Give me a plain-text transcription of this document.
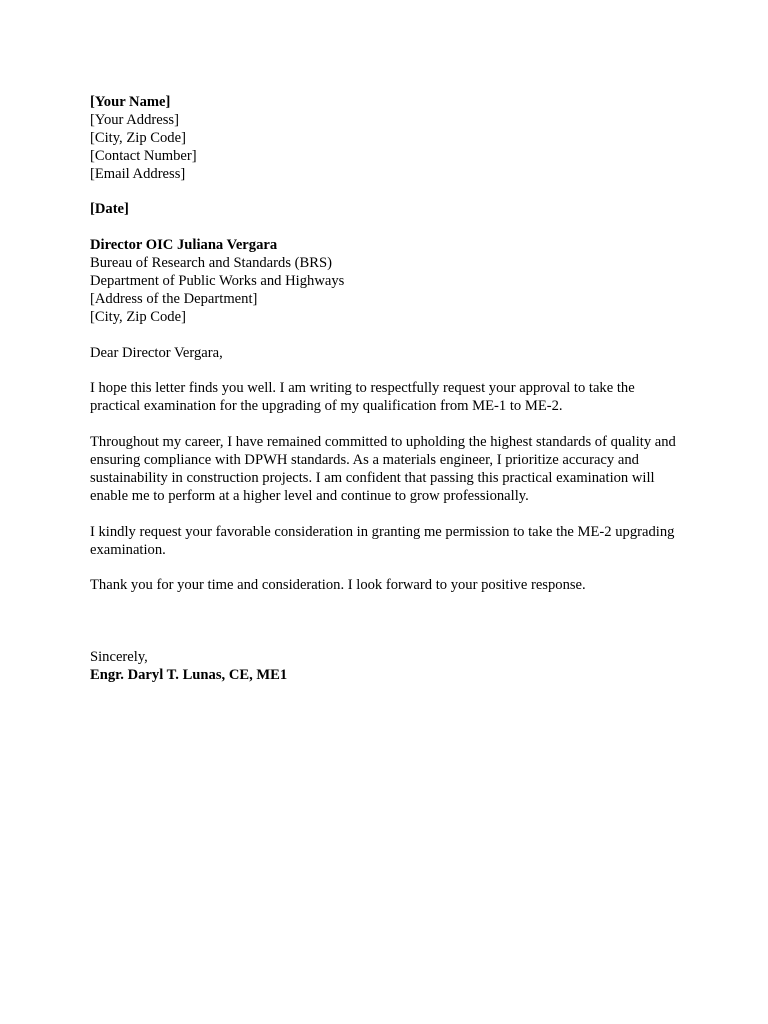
[Your Name]
[Your Address]
[City, Zip Code]
[Contact Number]
[Email Address]
[Date]
Director OIC Juliana Vergara
Bureau of Research and Standards (BRS)
Department of Public Works and Highways
[Address of the Department]
[City, Zip Code]
Dear Director Vergara,

I hope this letter finds you well. I am writing to respectfully request your approval to take the practical examination for the upgrading of my qualification from ME-1 to ME-2.

Throughout my career, I have remained committed to upholding the highest standards of quality and ensuring compliance with DPWH standards. As a materials engineer, I prioritize accuracy and sustainability in construction projects. I am confident that passing this practical examination will enable me to perform at a higher level and continue to grow professionally.

I kindly request your favorable consideration in granting me permission to take the ME-2 upgrading examination.

Thank you for your time and consideration. I look forward to your positive response.

Sincerely,
Engr. Daryl T. Lunas, CE, ME1
